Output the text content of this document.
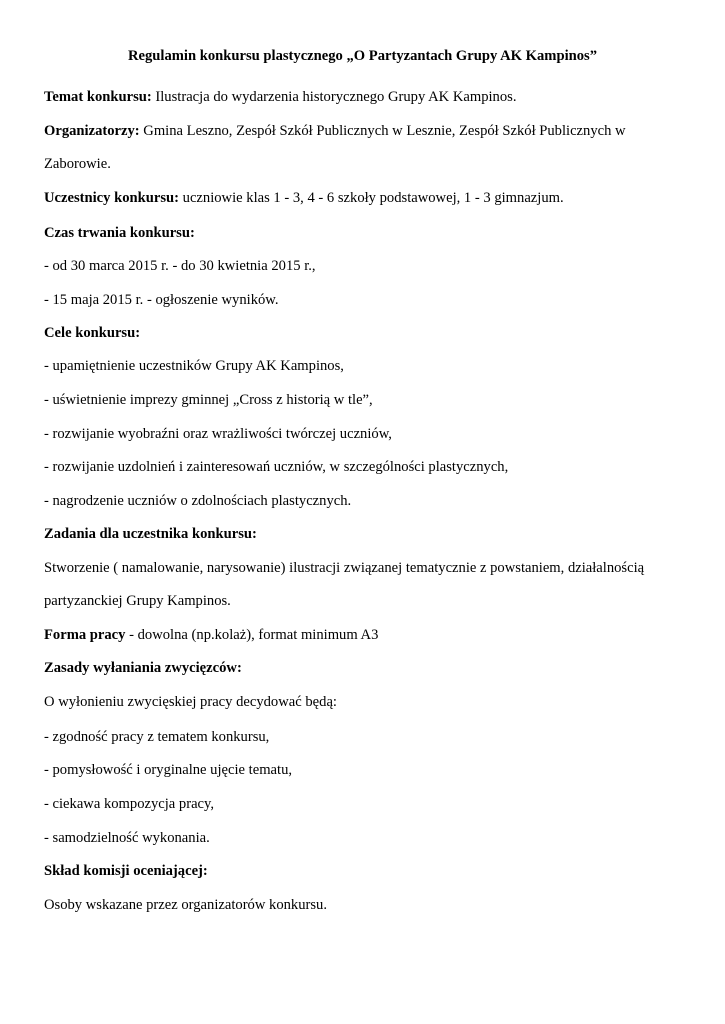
Regulamin konkursu plastycznego „O Partyzantach Grupy AK Kampinos”
Temat konkursu: Ilustracja do wydarzenia historycznego Grupy AK Kampinos.
Organizatorzy: Gmina Leszno, Zespół Szkół Publicznych w Lesznie, Zespół Szkół Publicznych w
Zaborowie.
Uczestnicy konkursu: uczniowie klas 1 - 3, 4 - 6 szkoły podstawowej, 1 - 3 gimnazjum.
Czas trwania konkursu:
- od 30 marca 2015 r. - do 30 kwietnia 2015 r.,
- 15 maja 2015 r. - ogłoszenie wyników.
Cele konkursu:
- upamiętnienie uczestników Grupy AK Kampinos,
- uświetnienie imprezy gminnej „Cross z historią w tle”,
- rozwijanie wyobraźni oraz wrażliwości twórczej uczniów,
- rozwijanie uzdolnień i zainteresowań uczniów, w szczególności plastycznych,
- nagrodzenie uczniów o zdolnościach plastycznych.
Zadania dla uczestnika konkursu:
Stworzenie ( namalowanie, narysowanie) ilustracji związanej tematycznie z powstaniem, działalnością
partyzanckiej Grupy Kampinos.
Forma pracy - dowolna (np.kolaż), format minimum A3
Zasady wyłaniania zwycięzców:
O wyłonieniu zwycięskiej pracy decydować będą:
- zgodność pracy z tematem konkursu,
- pomysłowość i oryginalne ujęcie tematu,
- ciekawa kompozycja pracy,
- samodzielność wykonania.
Skład komisji oceniającej:
Osoby wskazane przez organizatorów konkursu.
